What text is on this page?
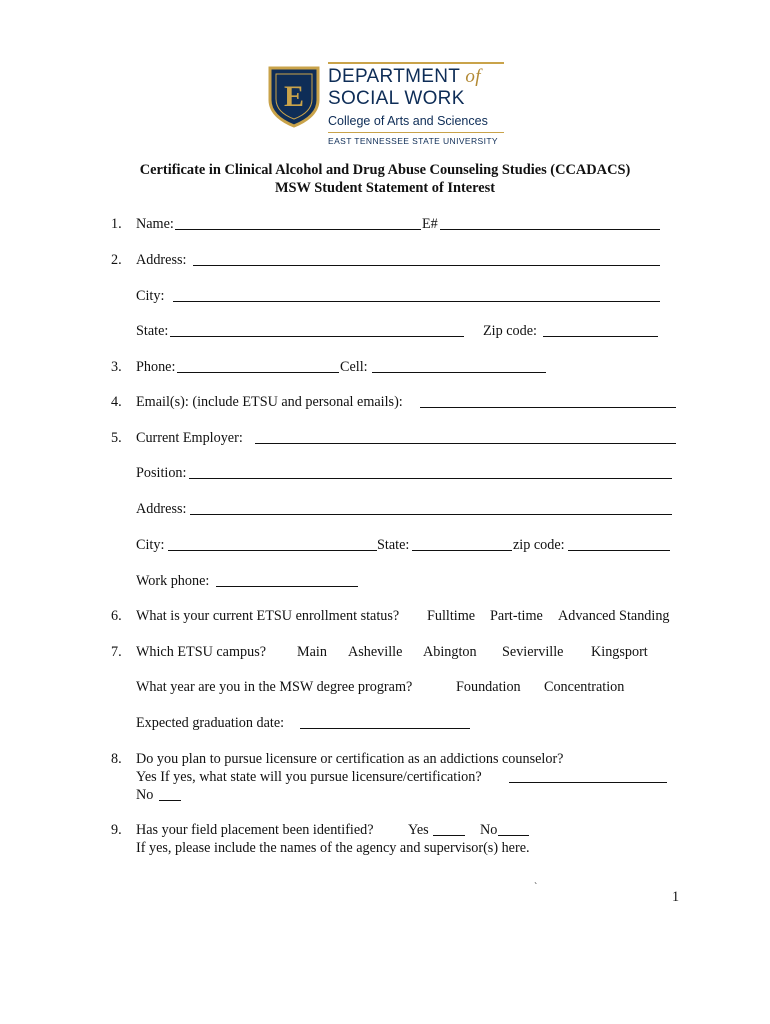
E
DEPARTMENT of
SOCIAL WORK
College of Arts and Sciences
EAST TENNESSEE STATE UNIVERSITY
Certificate in Clinical Alcohol and Drug Abuse Counseling Studies (CCADACS)
MSW Student Statement of Interest
1. Name:	E#
2. Address:
City:
State:	Zip code:
3. Phone:	Cell:
4. Email(s): (include ETSU and personal emails):
5. Current Employer:
Position:
Address:
City:	State:	zip code:
Work phone:
6. What is your current ETSU enrollment status? Fulltime Part-time Advanced Standing
7. Which ETSU campus? Main Asheville Abington Sevierville Kingsport
What year are you in the MSW degree program?	Foundation Concentration
Expected graduation date:
8. Do you plan to pursue licensure or certification as an addictions counselor?
Yes If yes, what state will you pursue licensure/certification?
No
9. Has your field placement been identified? Yes	No
If yes, please include the names of the agency and supervisor(s) here.
`
1
